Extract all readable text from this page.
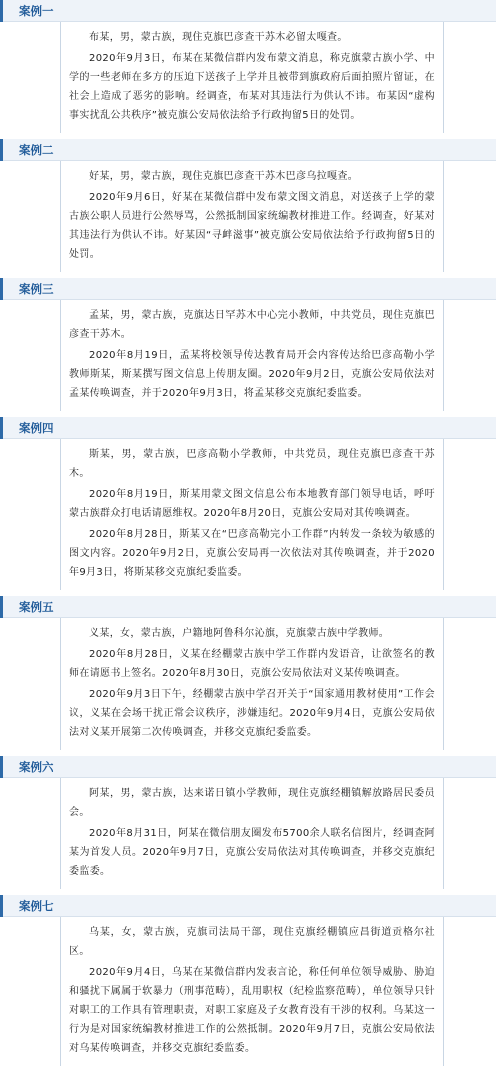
案例一

布某，男，蒙古族，现住克旗巴彦查干苏木必留太嘎查。

2020年9月3日，布某在某微信群内发布蒙文消息，称克旗蒙古族小学、中学的一些老师在多方的压迫下送孩子上学并且被带到旗政府后面拍照片留证，在社会上造成了恶劣的影响。经调查，布某对其违法行为供认不讳。布某因“虚构事实扰乱公共秩序”被克旗公安局依法给予行政拘留5日的处罚。

案例二

好某，男，蒙古族，现住克旗巴彦查干苏木巴彦乌拉嘎查。

2020年9月6日，好某在某微信群中发布蒙文图文消息，对送孩子上学的蒙古族公职人员进行公然辱骂，公然抵制国家统编教材推进工作。经调查，好某对其违法行为供认不讳。好某因“寻衅滋事”被克旗公安局依法给予行政拘留5日的处罚。

案例三

孟某，男，蒙古族，克旗达日罕苏木中心完小教师，中共党员，现住克旗巴彦查干苏木。

2020年8月19日，孟某将校领导传达教育局开会内容传达给巴彦高勒小学教师斯某，斯某撰写图文信息上传朋友圈。2020年9月2日，克旗公安局依法对孟某传唤调查，并于2020年9月3日，将孟某移交克旗纪委监委。

案例四

斯某，男，蒙古族，巴彦高勒小学教师，中共党员，现住克旗巴彦查干苏木。

2020年8月19日，斯某用蒙文图文信息公布本地教育部门领导电话，呼吁蒙古族群众打电话请愿维权。2020年8月20日，克旗公安局对其传唤调查。

2020年8月28日，斯某又在“巴彦高勒完小工作群”内转发一条较为敏感的图文内容。2020年9月2日，克旗公安局再一次依法对其传唤调查，并于2020年9月3日，将斯某移交克旗纪委监委。

案例五

义某，女，蒙古族，户籍地阿鲁科尔沁旗，克旗蒙古族中学教师。

2020年8月28日，义某在经棚蒙古族中学工作群内发语音，让欲签名的教师在请愿书上签名。2020年8月30日，克旗公安局依法对义某传唤调查。

2020年9月3日下午，经棚蒙古族中学召开关于“国家通用教材使用”工作会议，义某在会场干扰正常会议秩序，涉嫌违纪。2020年9月4日，克旗公安局依法对义某开展第二次传唤调查，并移交克旗纪委监委。

案例六

阿某，男，蒙古族，达来诺日镇小学教师，现住克旗经棚镇解放路居民委员会。

2020年8月31日，阿某在微信朋友圈发布5700余人联名信图片，经调查阿某为首发人员。2020年9月7日，克旗公安局依法对其传唤调查，并移交克旗纪委监委。

案例七

乌某，女，蒙古族，克旗司法局干部，现住克旗经棚镇应昌街道贡格尔社区。

2020年9月4日，乌某在某微信群内发表言论，称任何单位领导威胁、胁迫和骚扰下属属于软暴力（刑事范畴），乱用职权（纪检监察范畴），单位领导只针对职工的工作具有管理职责，对职工家庭及子女教育没有干涉的权利。乌某这一行为是对国家统编教材推进工作的公然抵制。2020年9月7日，克旗公安局依法对乌某传唤调查，并移交克旗纪委监委。
